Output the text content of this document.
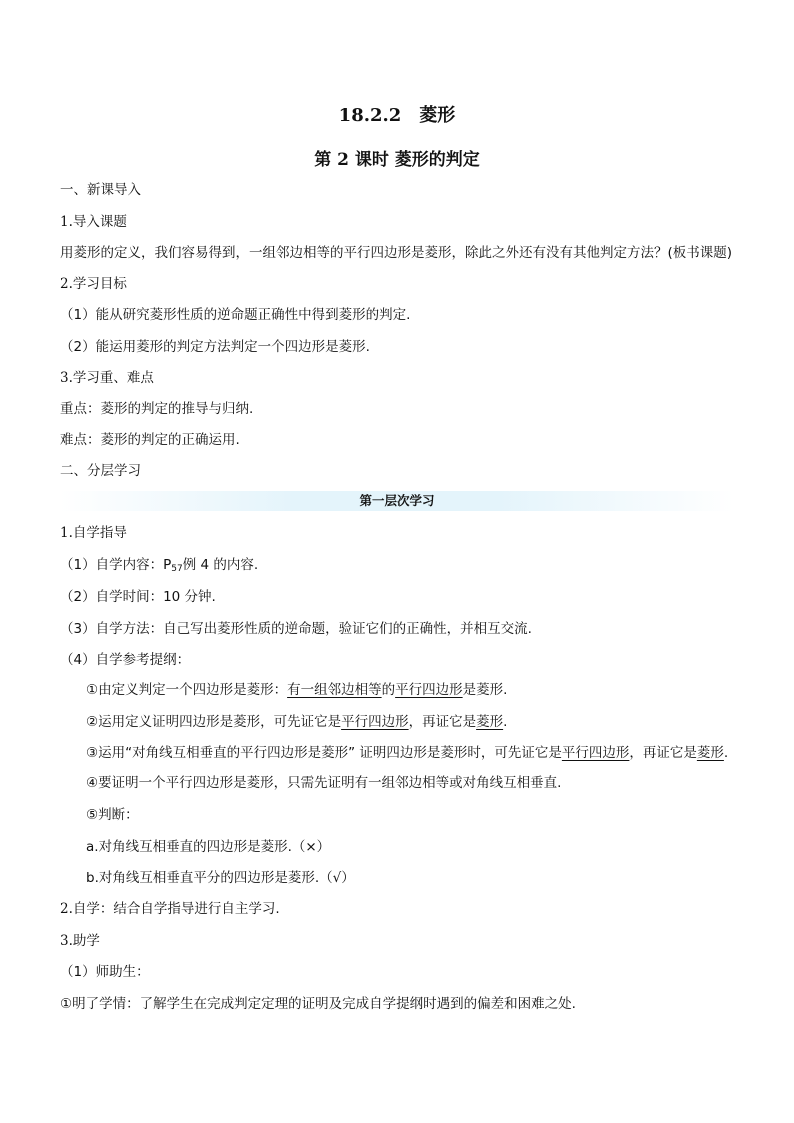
18.2.2　菱形
第 2 课时 菱形的判定
一、新课导入
1.导入课题
用菱形的定义，我们容易得到，一组邻边相等的平行四边形是菱形，除此之外还有没有其他判定方法？(板书课题)
2.学习目标
（1）能从研究菱形性质的逆命题正确性中得到菱形的判定.
（2）能运用菱形的判定方法判定一个四边形是菱形.
3.学习重、难点
重点：菱形的判定的推导与归纳.
难点：菱形的判定的正确运用.
二、分层学习
第一层次学习
1.自学指导
（1）自学内容：$P_{57}$例 4 的内容.
（2）自学时间：10 分钟.
（3）自学方法：自己写出菱形性质的逆命题，验证它们的正确性，并相互交流.
（4）自学参考提纲：
①由定义判定一个四边形是菱形：有一组邻边相等的平行四边形是菱形.
②运用定义证明四边形是菱形，可先证它是平行四边形，再证它是菱形.
③运用“对角线互相垂直的平行四边形是菱形” 证明四边形是菱形时，可先证它是平行四边形，再证它是菱形.
④要证明一个平行四边形是菱形，只需先证明有一组邻边相等或对角线互相垂直.
⑤判断：
a.对角线互相垂直的四边形是菱形.（×）
b.对角线互相垂直平分的四边形是菱形.（√）
2.自学：结合自学指导进行自主学习.
3.助学
（1）师助生：
①明了学情：了解学生在完成判定定理的证明及完成自学提纲时遇到的偏差和困难之处.
